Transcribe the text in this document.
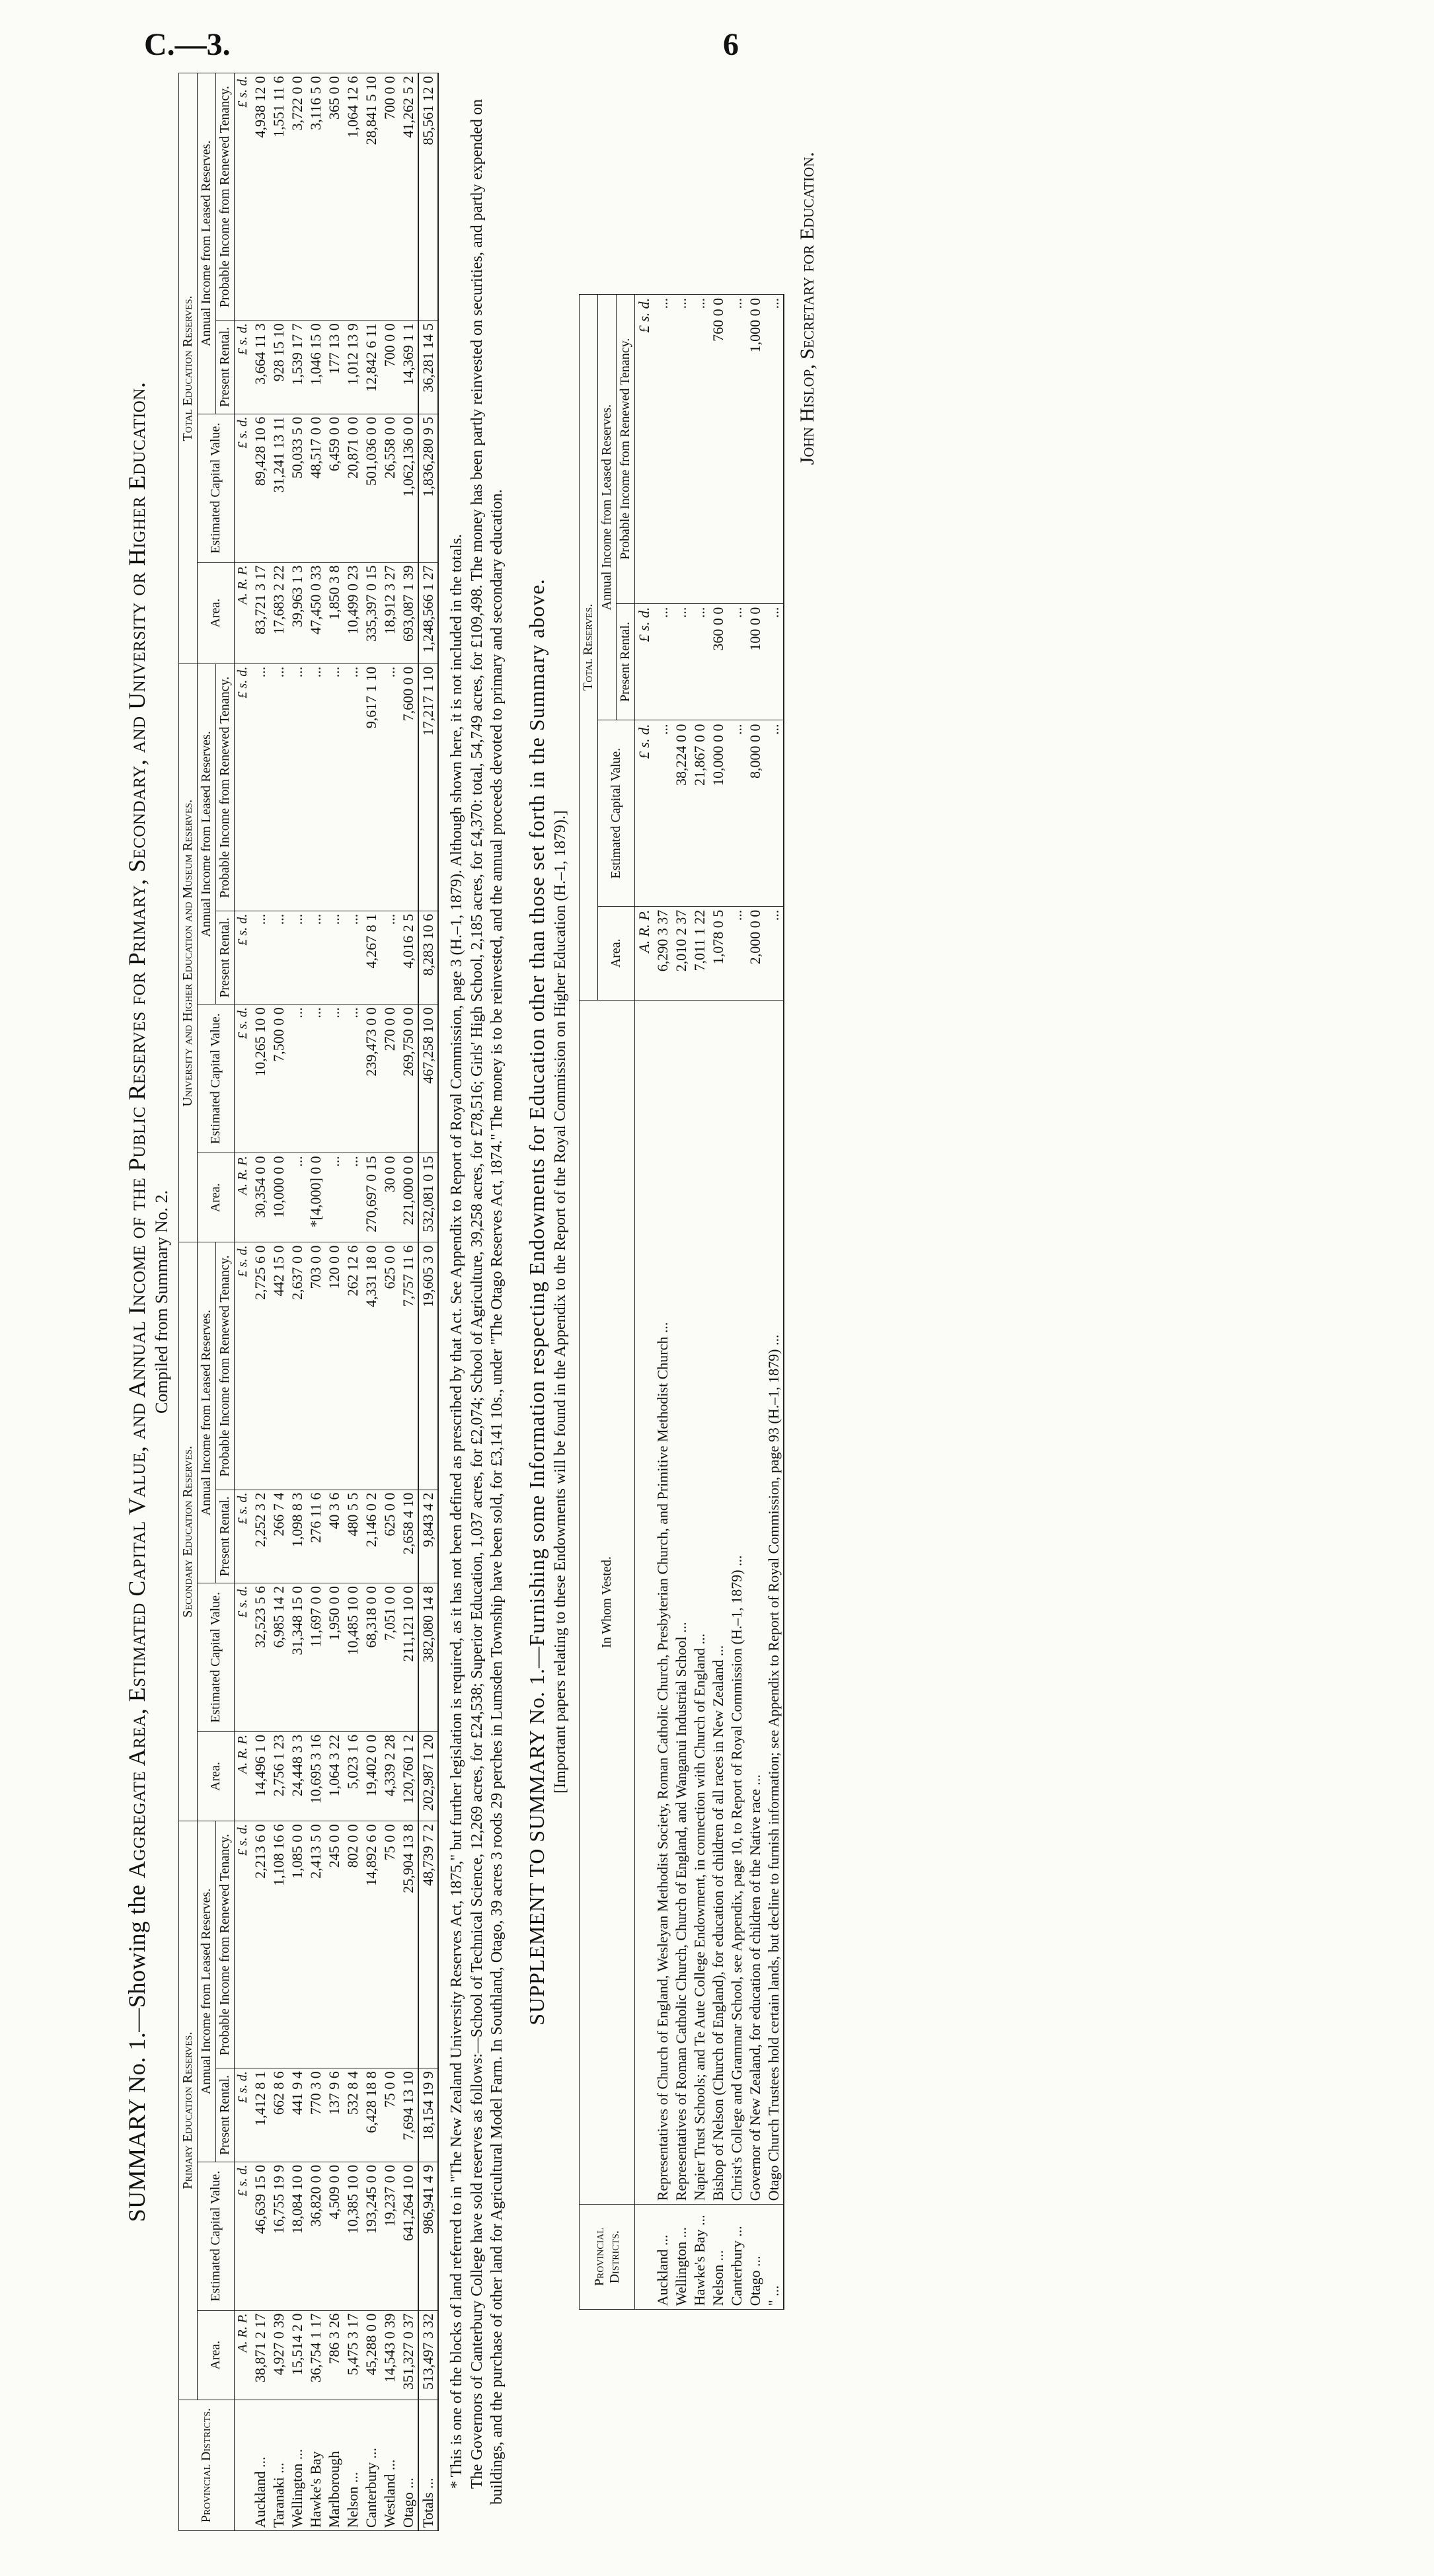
C.—3.	6
SUMMARY No. 1.—Showing the Aggregate Area, Estimated Capital Value, and Annual Income of the Public Reserves for Primary, Secondary, and University or Higher Education. Compiled from Summary No. 2.
Provincial Districts.	Primary Education Reserves.				Secondary Education Reserves.				University and Higher Education and Museum Reserves.				Total Education Reserves.			
	Area.	Estimated Capital Value.	Annual Income from Leased Reserves.		Area.	Estimated Capital Value.	Annual Income from Leased Reserves.		Area.	Estimated Capital Value.	Annual Income from Leased Reserves.		Area.	Estimated Capital Value.	Annual Income from Leased Reserves.	
			Present Rental.	Probable Income from Renewed Tenancy.			Present Rental.	Probable Income from Renewed Tenancy.			Present Rental.	Probable Income from Renewed Tenancy.			Present Rental.	Probable Income from Renewed Tenancy.
	A. R. P.	£ s. d.	£ s. d.	£ s. d.	A. R. P.	£ s. d.	£ s. d.	£ s. d.	A. R. P.	£ s. d.	£ s. d.	£ s. d.	A. R. P.	£ s. d.	£ s. d.	£ s. d.
Auckland ...	38,871 2 17	46,639 15 0	1,412 8 1	2,213 6 0	14,496 1 0	32,523 5 6	2,252 3 2	2,725 6 0	30,354 0 0	10,265 10 0	...	...	83,721 3 17	89,428 10 6	3,664 11 3	4,938 12 0
Taranaki ...	4,927 0 39	16,755 19 9	662 8 6	1,108 16 6	2,756 1 23	6,985 14 2	266 7 4	442 15 0	10,000 0 0	7,500 0 0	...	...	17,683 2 22	31,241 13 11	928 15 10	1,551 11 6
Wellington ...	15,514 2 0	18,084 10 0	441 9 4	1,085 0 0	24,448 3 3	31,348 15 0	1,098 8 3	2,637 0 0	...	...	...	...	39,963 1 3	50,033 5 0	1,539 17 7	3,722 0 0
Hawke's Bay	36,754 1 17	36,820 0 0	770 3 0	2,413 5 0	10,695 3 16	11,697 0 0	276 11 6	703 0 0	*[4,000] 0 0	...	...	...	47,450 0 33	48,517 0 0	1,046 15 0	3,116 5 0
Marlborough	786 3 26	4,509 0 0	137 9 6	245 0 0	1,064 3 22	1,950 0 0	40 3 6	120 0 0	...	...	...	...	1,850 3 8	6,459 0 0	177 13 0	365 0 0
Nelson ...	5,475 3 17	10,385 10 0	532 8 4	802 0 0	5,023 1 6	10,485 10 0	480 5 5	262 12 6	...	...	...	...	10,499 0 23	20,871 0 0	1,012 13 9	1,064 12 6
Canterbury ...	45,288 0 0	193,245 0 0	6,428 18 8	14,892 6 0	19,402 0 0	68,318 0 0	2,146 0 2	4,331 18 0	270,697 0 15	239,473 0 0	4,267 8 1	9,617 1 10	335,397 0 15	501,036 0 0	12,842 6 11	28,841 5 10
Westland ...	14,543 0 39	19,237 0 0	75 0 0	75 0 0	4,339 2 28	7,051 0 0	625 0 0	625 0 0	30 0 0	270 0 0	...	...	18,912 3 27	26,558 0 0	700 0 0	700 0 0
Otago ...	351,327 0 37	641,264 10 0	7,694 13 10	25,904 13 8	120,760 1 2	211,121 10 0	2,658 4 10	7,757 11 6	221,000 0 0	269,750 0 0	4,016 2 5	7,600 0 0	693,087 1 39	1,062,136 0 0	14,369 1 1	41,262 5 2
Totals ...	513,497 3 32	986,941 4 9	18,154 19 9	48,739 7 2	202,987 1 20	382,080 14 8	9,843 4 2	19,605 3 0	532,081 0 15	467,258 10 0	8,283 10 6	17,217 1 10	1,248,566 1 27	1,836,280 9 5	36,281 14 5	85,561 12 0

* This is one of the blocks of land referred to in "The New Zealand University Reserves Act, 1875," but further legislation is required, as it has not been defined as prescribed by that Act. See Appendix to Report of Royal Commission, page 3 (H.–1, 1879). Although shown here, it is not included in the totals. The Governors of Canterbury College have sold reserves as follows:—School of Technical Science, 12,269 acres, for £24,538; Superior Education, 1,037 acres, for £2,074; School of Agriculture, 39,258 acres, for £78,516; Girls' High School, 2,185 acres, for £4,370: total, 54,749 acres, for £109,498. The money has been partly reinvested on securities, and partly expended on buildings, and the purchase of other land for Agricultural Model Farm. In Southland, Otago, 39 acres 3 roods 29 perches in Lumsden Township have been sold, for £3,141 10s., under "The Otago Reserves Act, 1874." The money is to be reinvested, and the annual proceeds devoted to primary and secondary education. SUPPLEMENT TO SUMMARY No. 1.—Furnishing some Information respecting Endowments for Education other than those set forth in the Summary above. [Important papers relating to these Endowments will be found in the Appendix to the Report of the Royal Commission on Higher Education (H.–1, 1879).]
Provincial Districts.	In Whom Vested.	Total Reserves.			
		Area.	Estimated Capital Value.	Annual Income from Leased Reserves.	
				Present Rental.	Probable Income from Renewed Tenancy.
		A. R. P.	£ s. d.	£ s. d.	£ s. d.
Auckland ...	Representatives of Church of England, Wesleyan Methodist Society, Roman Catholic Church, Presbyterian Church, and Primitive Methodist Church ...	6,290 3 37	...	...	...
Wellington ...	Representatives of Roman Catholic Church, Church of England, and Wanganui Industrial School ...	2,010 2 37	38,224 0 0	...	...
Hawke's Bay ...	Napier Trust Schools; and Te Aute College Endowment, in connection with Church of England ...	7,011 1 22	21,867 0 0	...	...
Nelson ...	Bishop of Nelson (Church of England), for education of children of all races in New Zealand ...	1,078 0 5	10,000 0 0	360 0 0	760 0 0
Canterbury ...	Christ's College and Grammar School, see Appendix, page 10, to Report of Royal Commission (H.–1, 1879) ...	...	...	...	...
Otago ...	Governor of New Zealand, for education of children of the Native race ...	2,000 0 0	8,000 0 0	100 0 0	1,000 0 0
" ...	Otago Church Trustees hold certain lands, but decline to furnish information; see Appendix to Report of Royal Commission, page 93 (H.–1, 1879) ...	...	...	...	... John Hislop, Secretary for Education.
